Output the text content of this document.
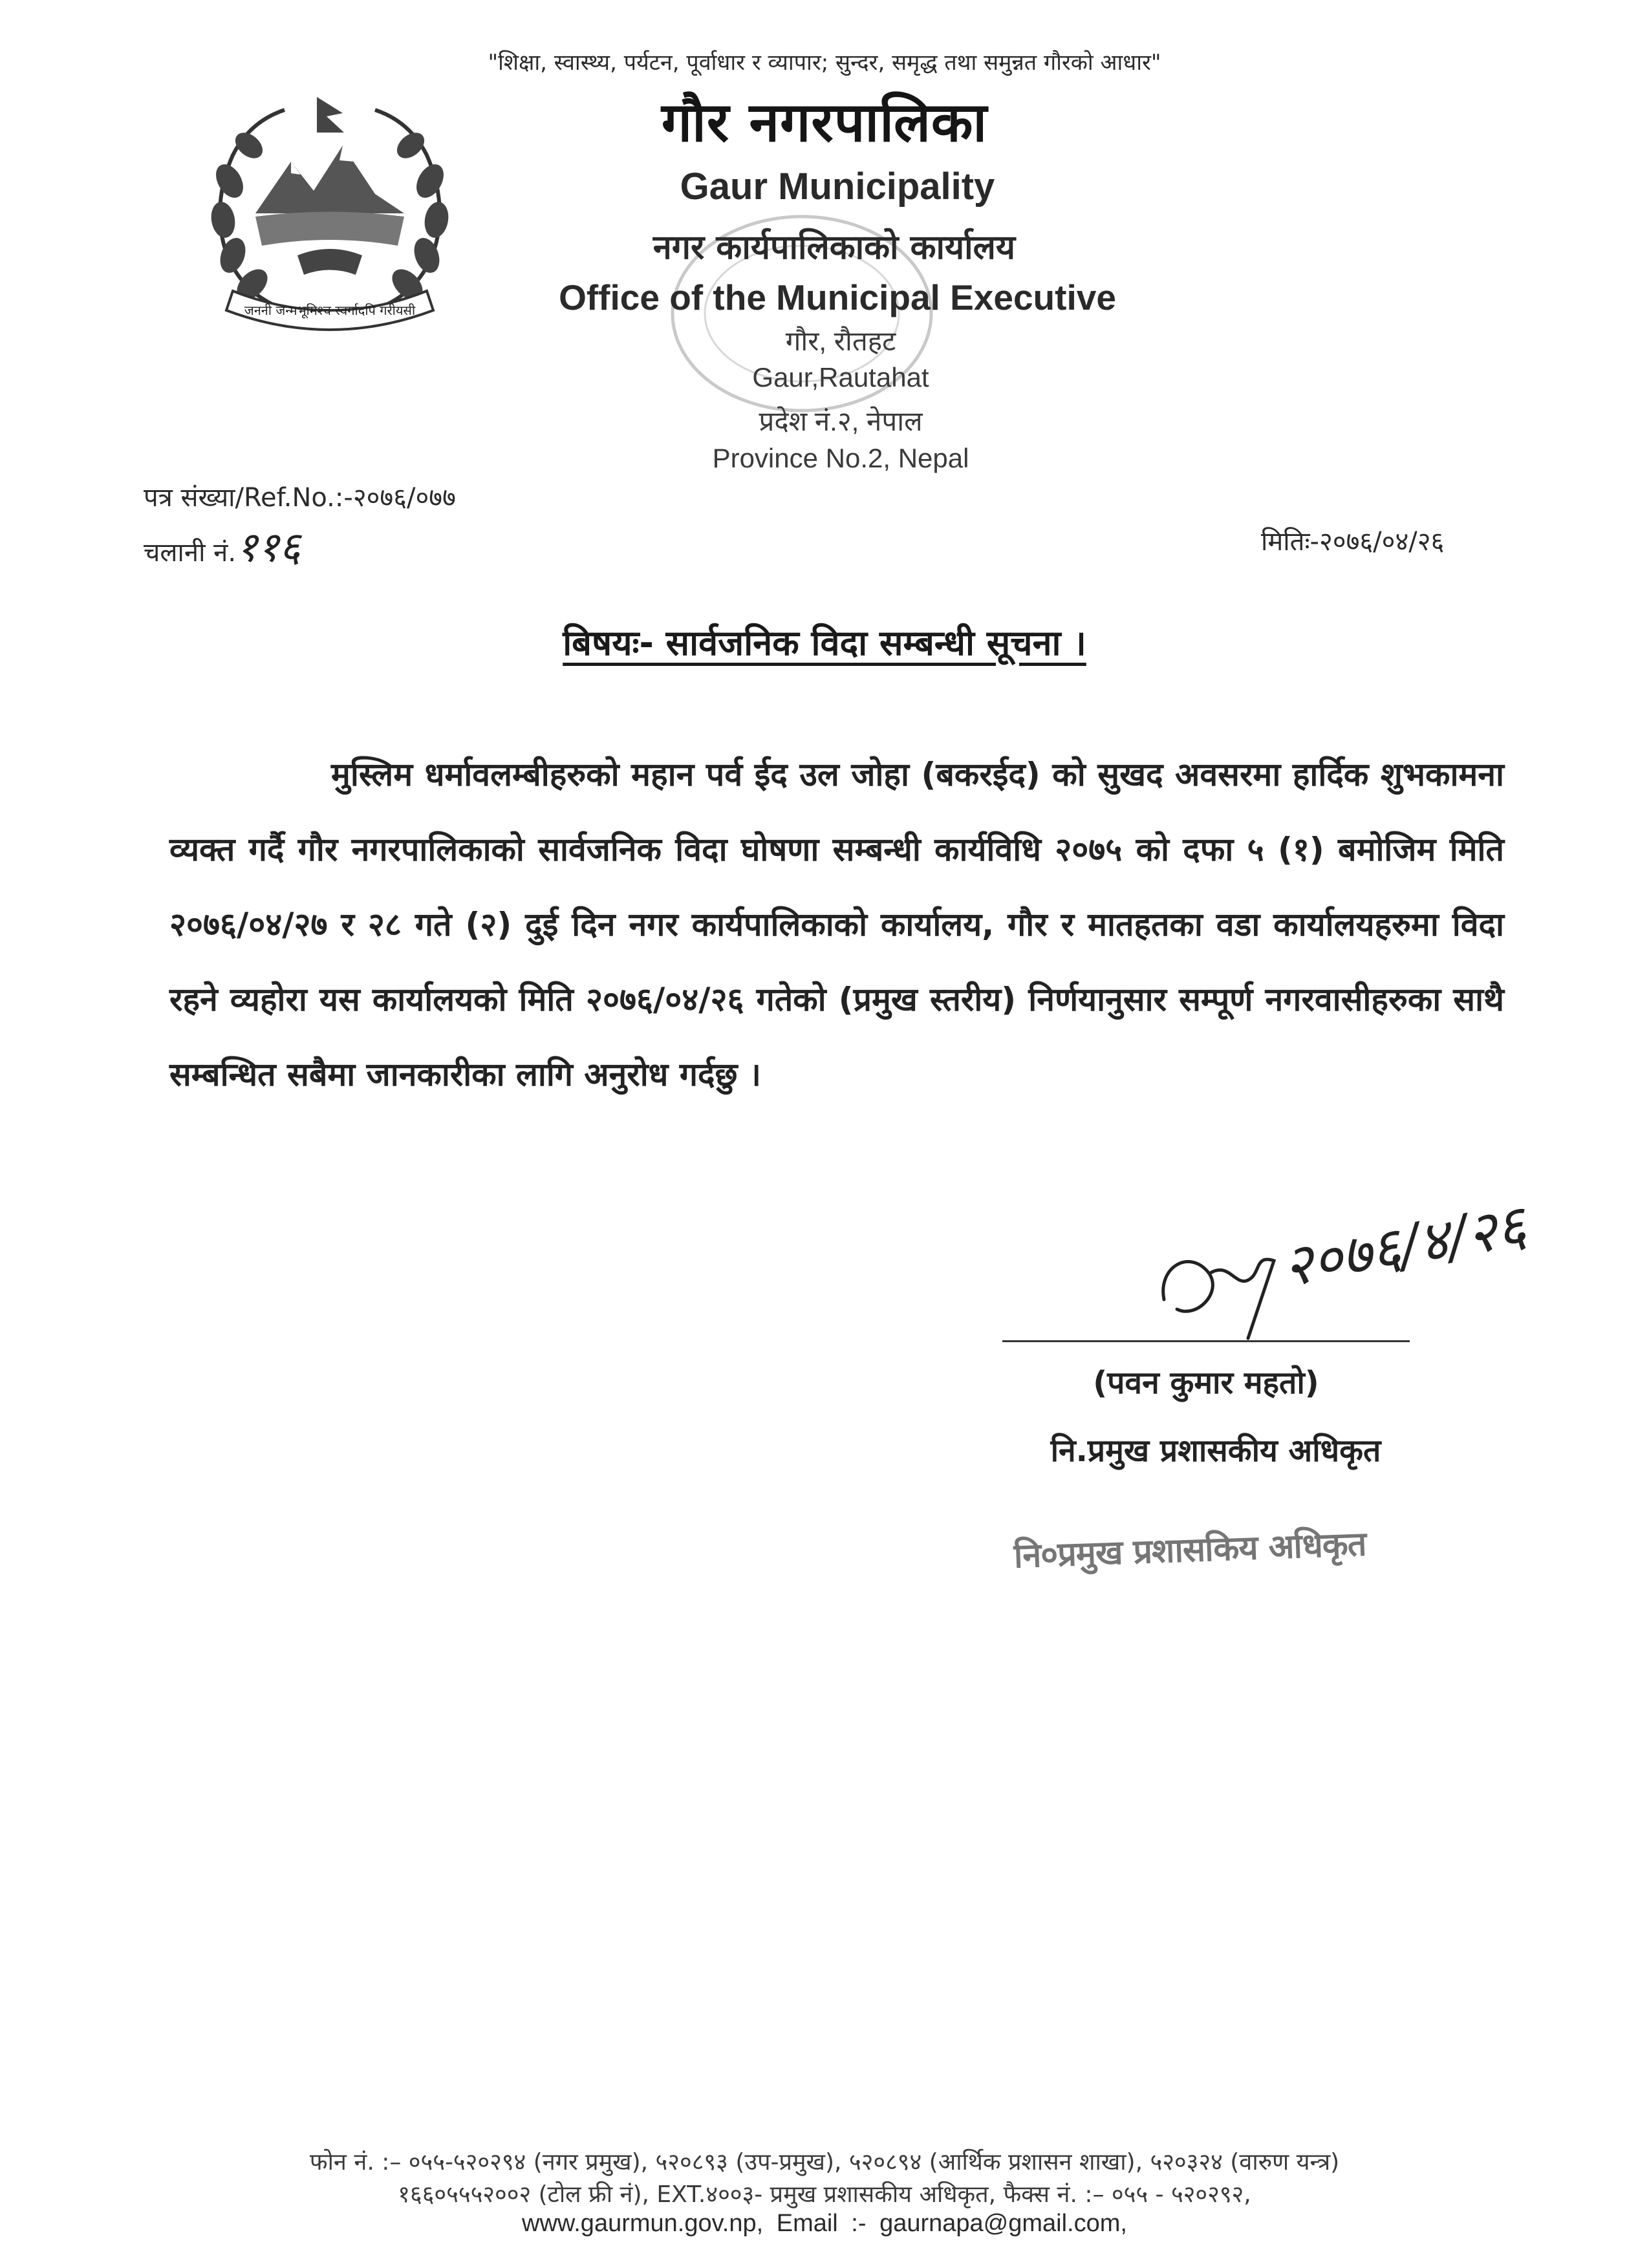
जननी जन्मभूमिश्च स्वर्गादपि गरीयसी
"शिक्षा, स्वास्थ्य, पर्यटन, पूर्वाधार र व्यापार; सुन्दर, समृद्ध तथा समुन्नत गौरको आधार"
गौर नगरपालिका
Gaur Municipality
नगर कार्यपालिकाको कार्यालय
Office of the Municipal Executive
गौर, रौतहट
Gaur,Rautahat
प्रदेश नं.२, नेपाल
Province No.2, Nepal
पत्र संख्या/Ref.No.:-२०७६/०७७
चलानी नं.११६	मितिः-२०७६/०४/२६
बिषयः- सार्वजनिक विदा सम्बन्धी सूचना ।
मुस्लिम धर्मावलम्बीहरुको महान पर्व ईद उल जोहा (बकरईद) को सुखद अवसरमा हार्दिक शुभकामना व्यक्त गर्दै गौर नगरपालिकाको सार्वजनिक विदा घोषणा सम्बन्धी कार्यविधि २०७५ को दफा ५ (१) बमोजिम मिति २०७६/०४/२७ र २८ गते (२) दुई दिन नगर कार्यपालिकाको कार्यालय, गौर र मातहतका वडा कार्यालयहरुमा विदा रहने व्यहोरा यस कार्यालयको मिति २०७६/०४/२६ गतेको (प्रमुख स्तरीय) निर्णयानुसार सम्पूर्ण नगरवासीहरुका साथै सम्बन्धित सबैमा जानकारीका लागि अनुरोध गर्दछु ।
२०७६/४/२६
(पवन कुमार महतो)
नि.प्रमुख प्रशासकीय अधिकृत
नि०प्रमुख प्रशासकिय अधिकृत
फोन नं. :– ०५५-५२०२९४ (नगर प्रमुख), ५२०८९३ (उप-प्रमुख), ५२०८९४ (आर्थिक प्रशासन शाखा), ५२०३२४ (वारुण यन्त्र)
१६६०५५५२००२ (टोल फ्री नं), EXT.४००३- प्रमुख प्रशासकीय अधिकृत, फैक्स नं. :– ०५५ - ५२०२९२,
www.gaurmun.gov.np, Email :- gaurnapa@gmail.com,
